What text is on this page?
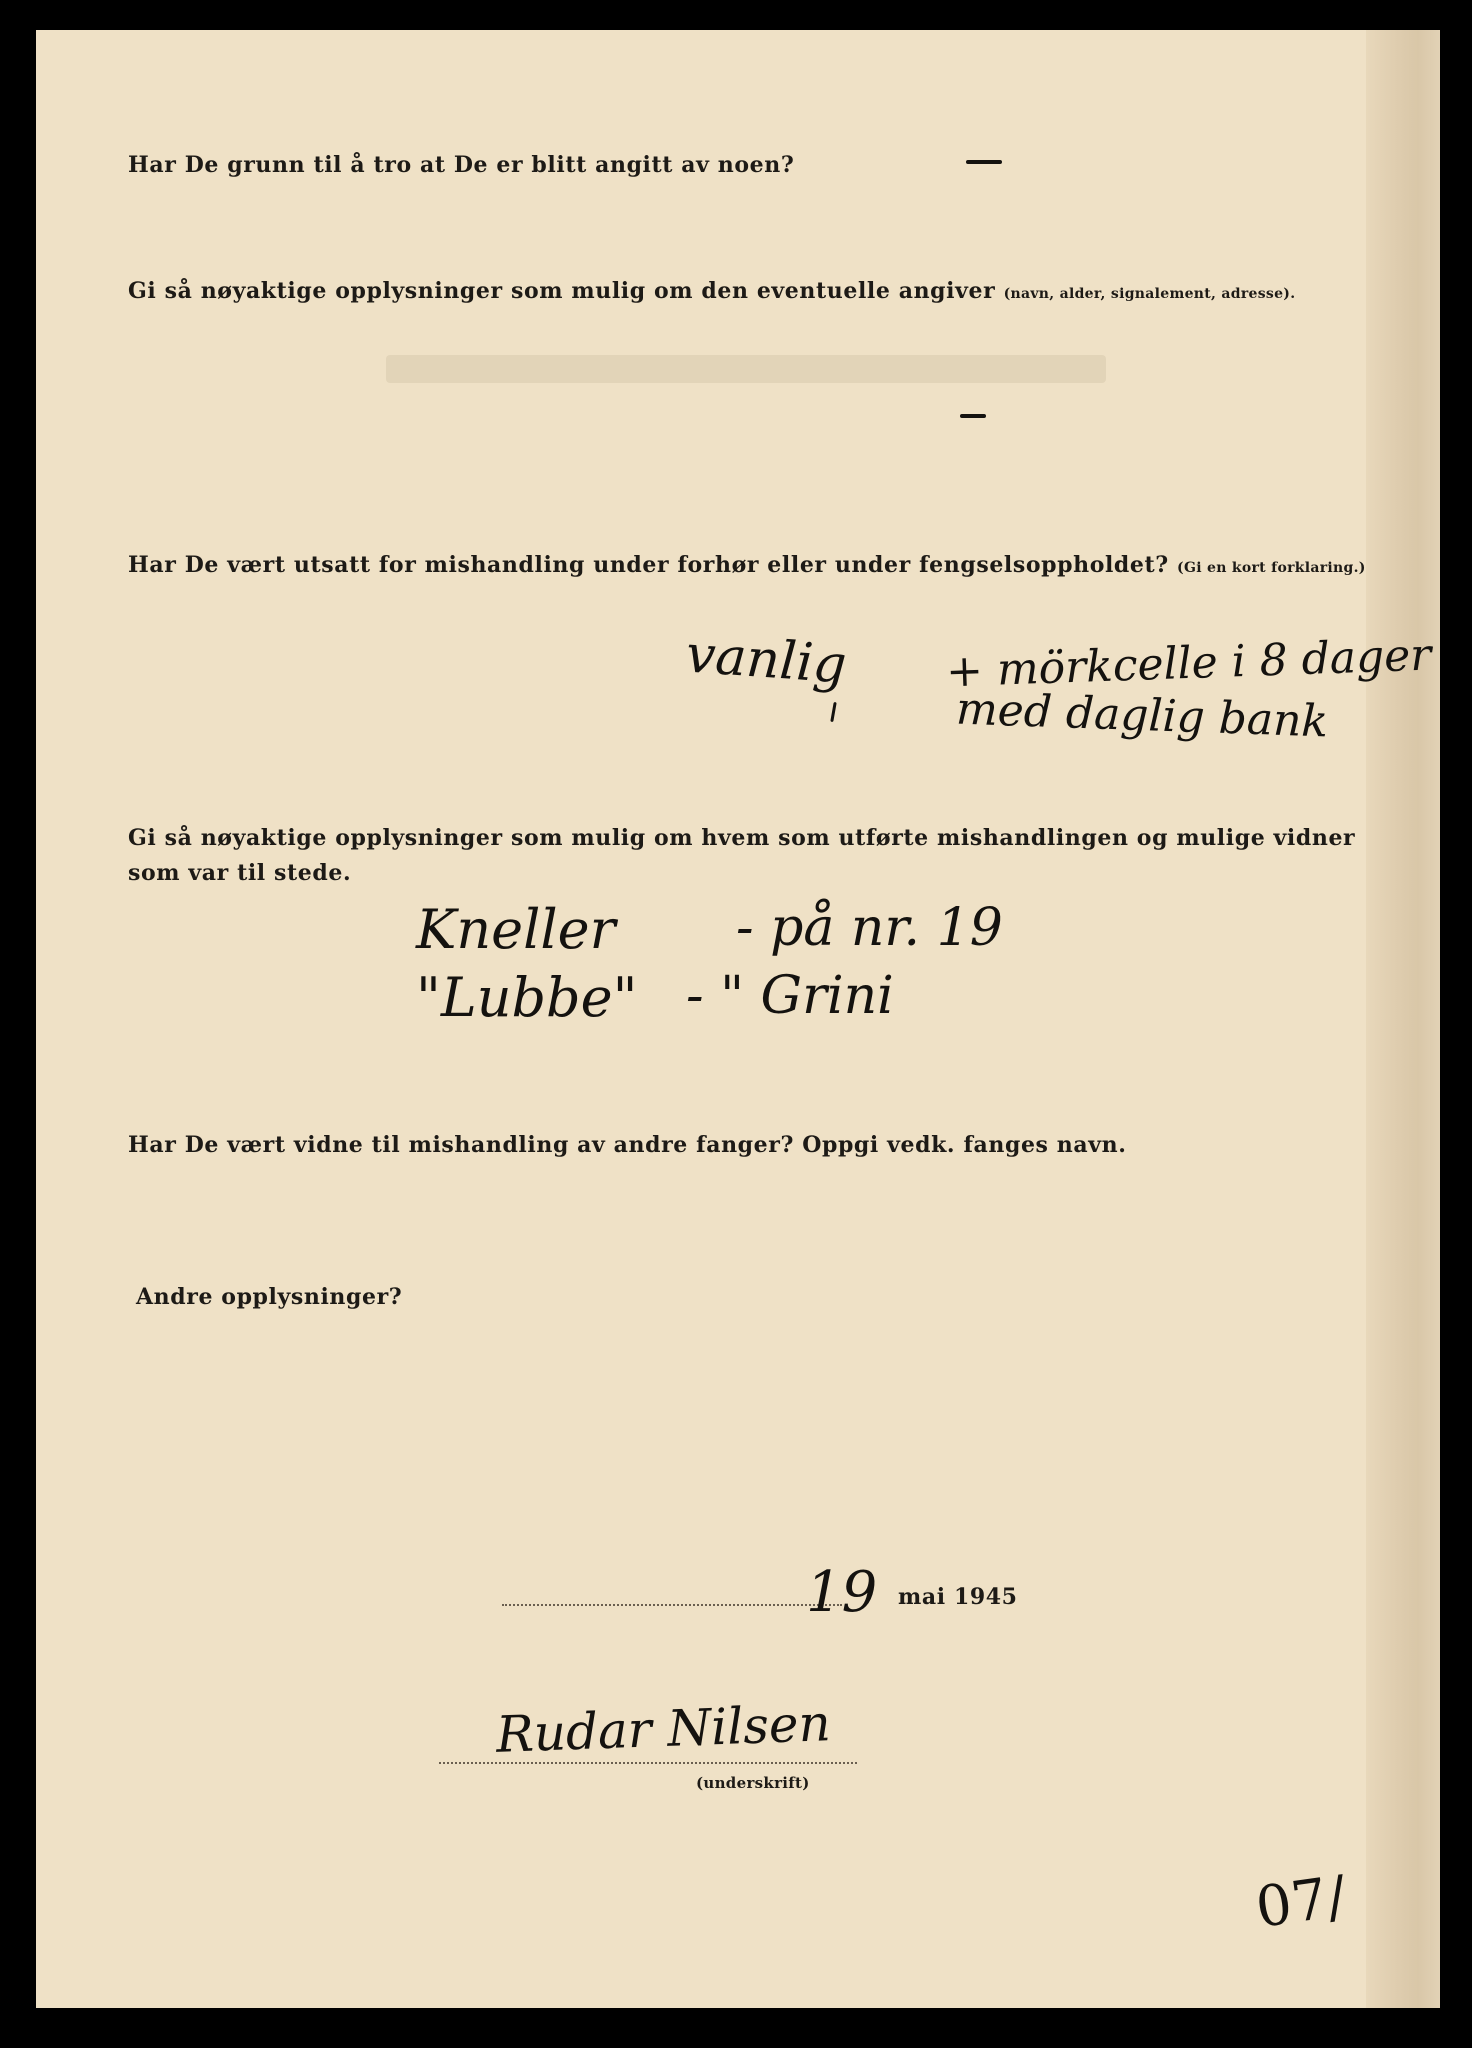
Har De grunn til å tro at De er blitt angitt av noen?
Gi så nøyaktige opplysninger som mulig om den eventuelle angiver (navn, alder, signalement, adresse).
Har De vært utsatt for mishandling under forhør eller under fengselsoppholdet? (Gi en kort forklaring.)
vanlig + mörkcelle i 8 dager
med daglig bank
Gi så nøyaktige opplysninger som mulig om hvem som utførte mishandlingen og mulige vidner
som var til stede.
Kneller - på nr. 19
"Lubbe" - " Grini
Har De vært vidne til mishandling av andre fanger? Oppgi vedk. fanges navn.
Andre opplysninger?
19 mai 1945
Rudar Nilsen
(underskrift)
07/
